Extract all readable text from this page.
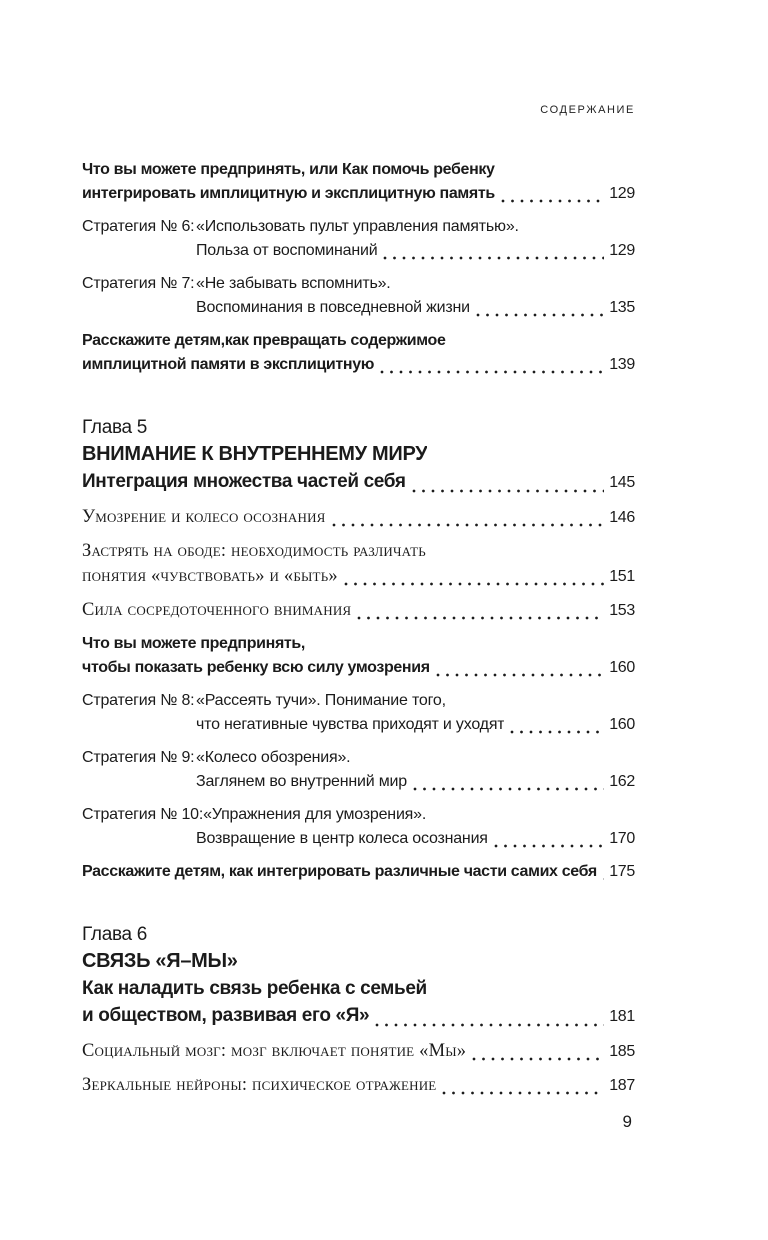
СОДЕРЖАНИЕ
Что вы можете предпринять, или Как помочь ребенку
интегрировать имплицитную и эксплицитную память	129
Стратегия № 6: «Использовать пульт управления памятью».
Польза от воспоминаний	129
Стратегия № 7: «Не забывать вспомнить».
Воспоминания в повседневной жизни	135
Расскажите детям,как превращать содержимое
имплицитной памяти в эксплицитную	139
Глава 5
ВНИМАНИЕ К ВНУТРЕННЕМУ МИРУ
Интеграция множества частей себя	145
Умозрение и колесо осознания	146
Застрять на ободе: необходимость различать
понятия «чувствовать» и «быть»	151
Сила сосредоточенного внимания	153
Что вы можете предпринять,
чтобы показать ребенку всю силу умозрения	160
Стратегия № 8: «Рассеять тучи». Понимание того,
что негативные чувства приходят и уходят	160
Стратегия № 9: «Колесо обозрения».
Заглянем во внутренний мир	162
Стратегия № 10: «Упражнения для умозрения».
Возвращение в центр колеса осознания	170
Расскажите детям, как интегрировать различные части самих себя 175
Глава 6
СВЯЗЬ «Я–МЫ»
Как наладить связь ребенка с семьей
и обществом, развивая его «Я»	181
Социальный мозг: мозг включает понятие «Мы»	185
Зеркальные нейроны: психическое отражение	187
9
